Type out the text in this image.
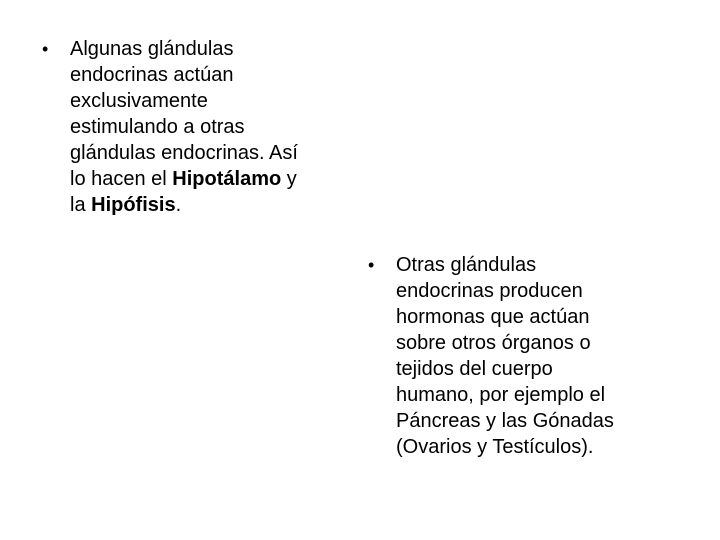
•	Algunas glándulas
endocrinas actúan
exclusivamente
estimulando a otras
glándulas endocrinas. Así
lo hacen el Hipotálamo y
la Hipófisis.
•	Otras glándulas
endocrinas producen
hormonas que actúan
sobre otros órganos o
tejidos del cuerpo
humano, por ejemplo el
Páncreas y las Gónadas
(Ovarios y Testículos).
